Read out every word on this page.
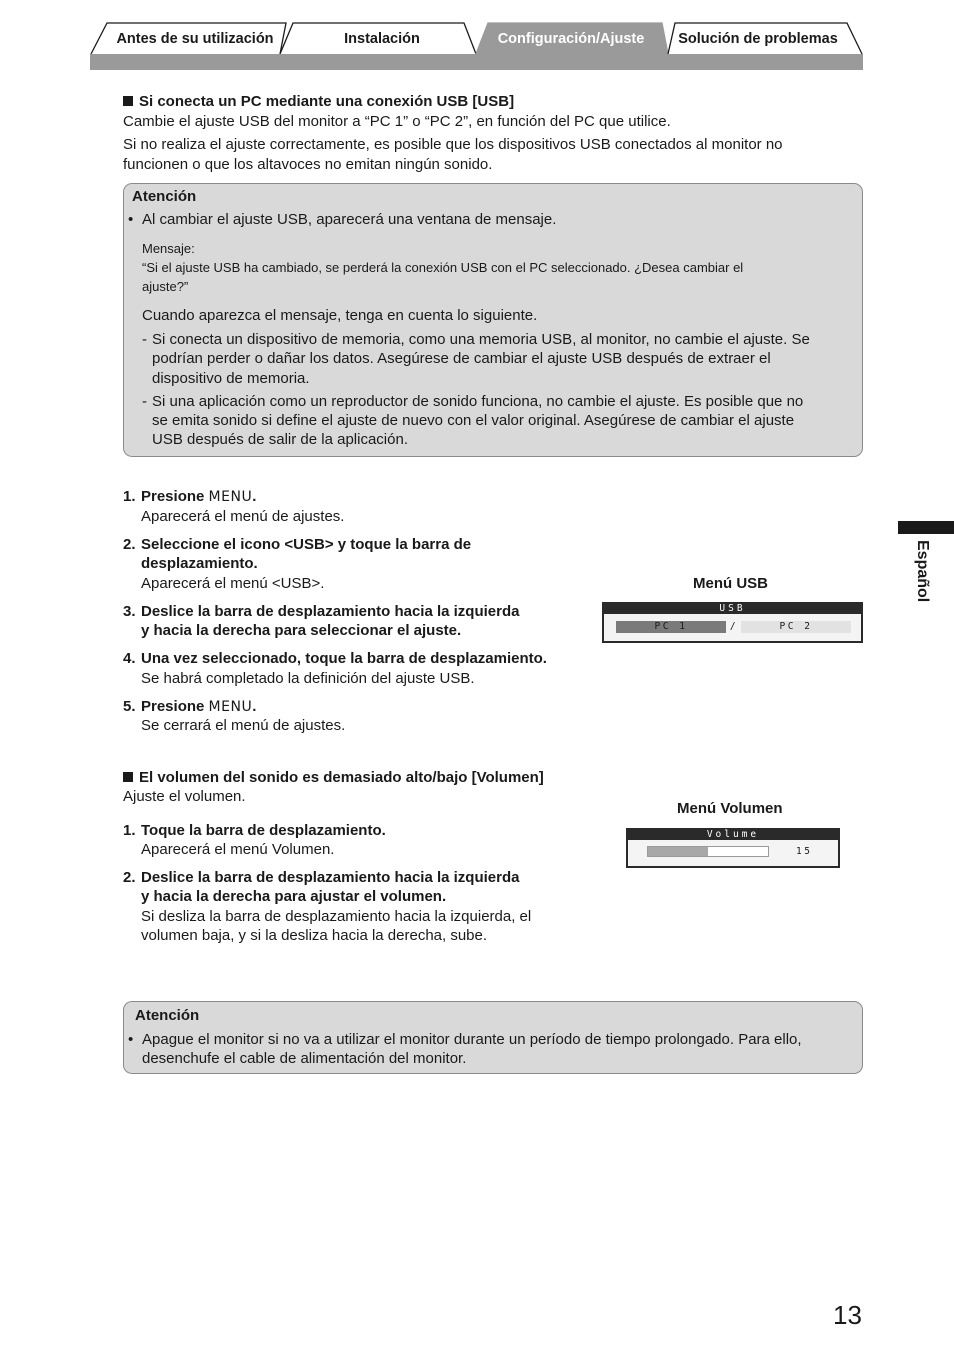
Antes de su utilización	Instalación	Configuración/Ajuste	Solución de problemas
Español
Si conecta un PC mediante una conexión USB [USB]
Cambie el ajuste USB del monitor a “PC 1” o “PC 2”, en función del PC que utilice.
Si no realiza el ajuste correctamente, es posible que los dispositivos USB conectados al monitor no
funcionen o que los altavoces no emitan ningún sonido.
Atención
• Al cambiar el ajuste USB, aparecerá una ventana de mensaje.
Mensaje:
“Si el ajuste USB ha cambiado, se perderá la conexión USB con el PC seleccionado. ¿Desea cambiar el
ajuste?”
Cuando aparezca el mensaje, tenga en cuenta lo siguiente.
- Si conecta un dispositivo de memoria, como una memoria USB, al monitor, no cambie el ajuste. Se
podrían perder o dañar los datos. Asegúrese de cambiar el ajuste USB después de extraer el
dispositivo de memoria.
- Si una aplicación como un reproductor de sonido funciona, no cambie el ajuste. Es posible que no
se emita sonido si define el ajuste de nuevo con el valor original. Asegúrese de cambiar el ajuste
USB después de salir de la aplicación.
1. Presione MENU.
Aparecerá el menú de ajustes.
2. Seleccione el icono <USB> y toque la barra de
desplazamiento.
Aparecerá el menú <USB>.
3. Deslice la barra de desplazamiento hacia la izquierda
y hacia la derecha para seleccionar el ajuste.
4. Una vez seleccionado, toque la barra de desplazamiento.
Se habrá completado la definición del ajuste USB.
5. Presione MENU.
Se cerrará el menú de ajustes.
Menú USB
USB
PC 1	/	PC 2
El volumen del sonido es demasiado alto/bajo [Volumen]
Ajuste el volumen.
1. Toque la barra de desplazamiento.
Aparecerá el menú Volumen.
2. Deslice la barra de desplazamiento hacia la izquierda
y hacia la derecha para ajustar el volumen.
Si desliza la barra de desplazamiento hacia la izquierda, el
volumen baja, y si la desliza hacia la derecha, sube.
Menú Volumen
Volume
15
Atención
• Apague el monitor si no va a utilizar el monitor durante un período de tiempo prolongado. Para ello,
desenchufe el cable de alimentación del monitor.
13
